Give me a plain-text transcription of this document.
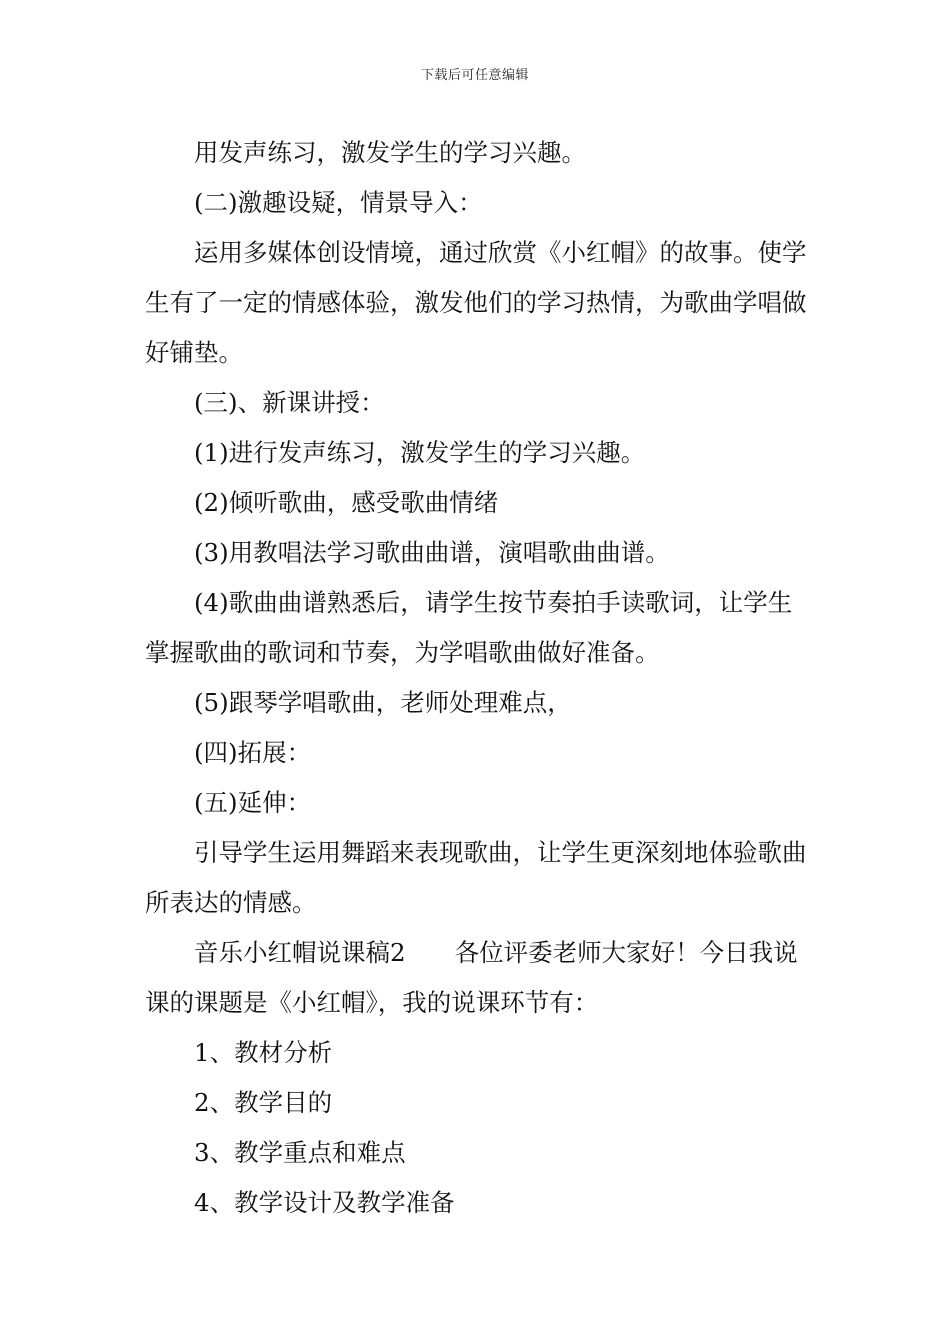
下载后可任意编辑

用发声练习，激发学生的学习兴趣。

(二)激趣设疑，情景导入：

运用多媒体创设情境，通过欣赏《小红帽》的故事。使学生有了一定的情感体验，激发他们的学习热情，为歌曲学唱做好铺垫。

(三)、新课讲授：

(1)进行发声练习，激发学生的学习兴趣。

(2)倾听歌曲，感受歌曲情绪

(3)用教唱法学习歌曲曲谱，演唱歌曲曲谱。

(4)歌曲曲谱熟悉后，请学生按节奏拍手读歌词，让学生掌握歌曲的歌词和节奏，为学唱歌曲做好准备。

(5)跟琴学唱歌曲，老师处理难点，

(四)拓展：

(五)延伸：

引导学生运用舞蹈来表现歌曲，让学生更深刻地体验歌曲所表达的情感。

音乐小红帽说课稿2　　各位评委老师大家好！今日我说课的课题是《小红帽》，我的说课环节有：

1、教材分析

2、教学目的

3、教学重点和难点

4、教学设计及教学准备
